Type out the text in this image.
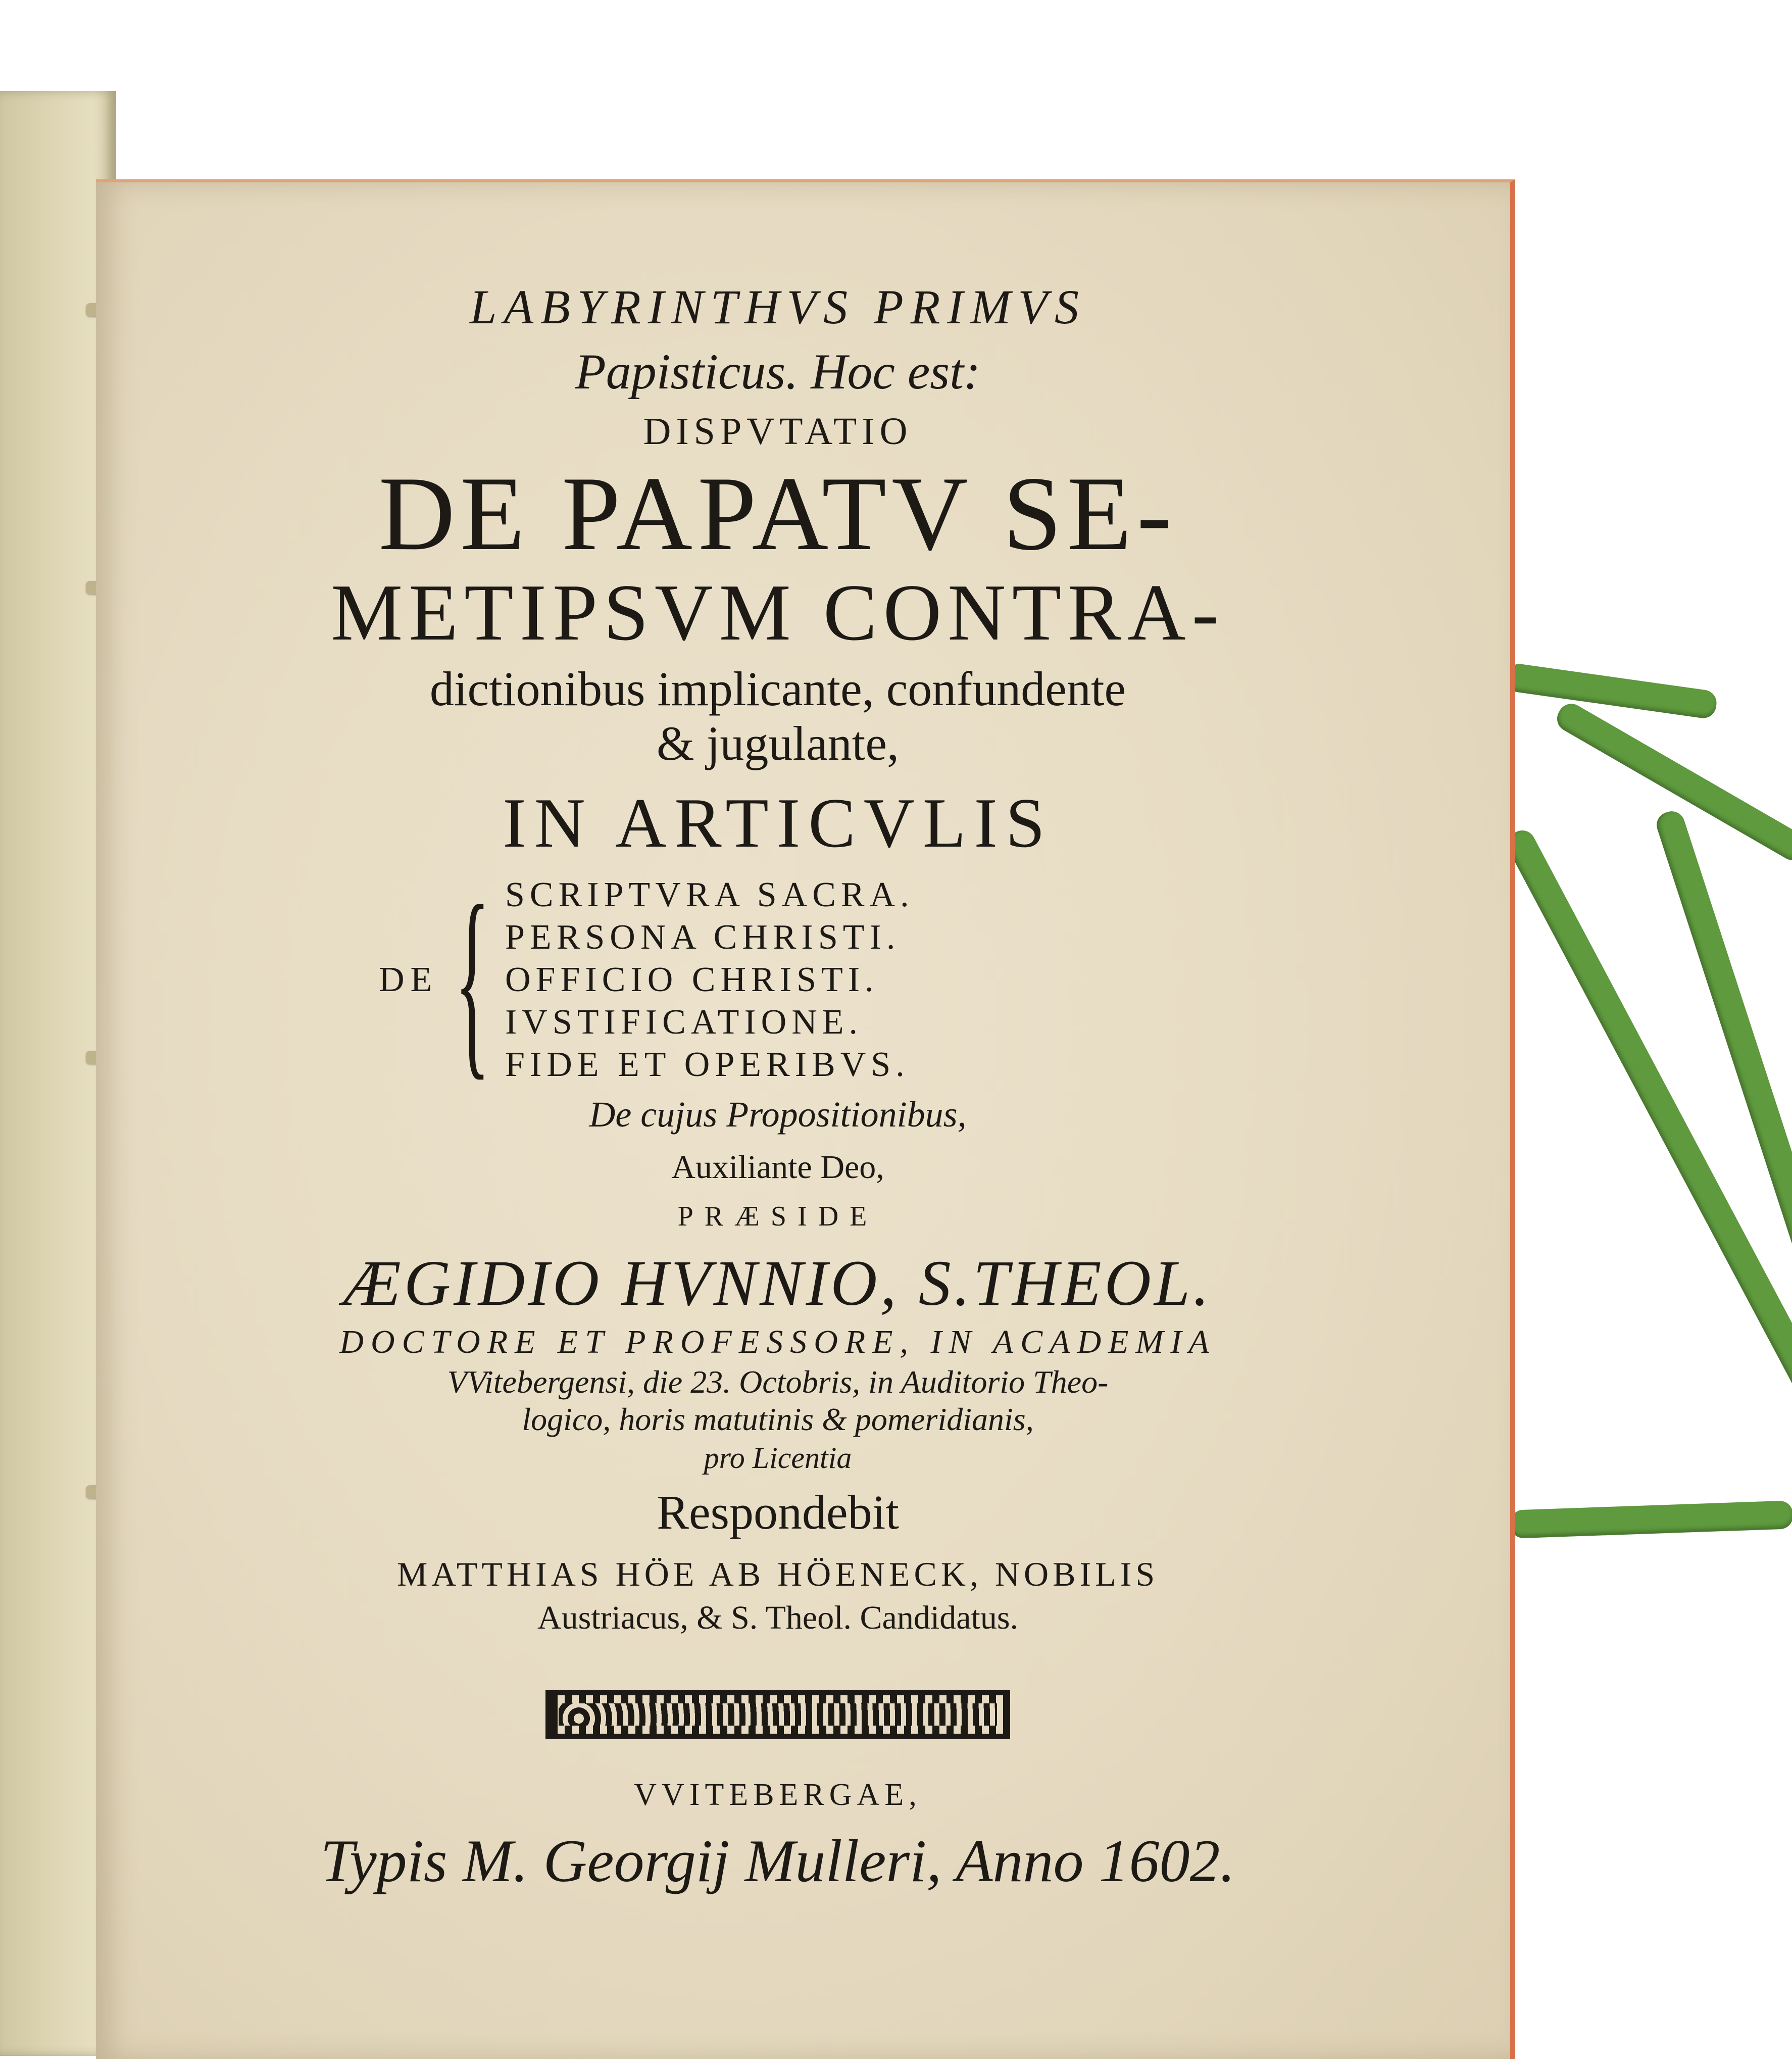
LABYRINTHVS PRIMVS
Papisticus. Hoc est:
DISPVTATIO
DE PAPATV SE-
METIPSVM CONTRA-
dictionibus implicante, confundente
& jugulante,
IN ARTICVLIS
DE { SCRIPTVRA SACRA.
PERSONA CHRISTI.
OFFICIO CHRISTI.
IVSTIFICATIONE.
FIDE ET OPERIBVS.
De cujus Propositionibus,
Auxiliante Deo,
PRÆSIDE
ÆGIDIO HVNNIO, S.THEOL.
DOCTORE ET PROFESSORE, IN ACADEMIA
VVitebergensi, die 23. Octobris, in Auditorio Theo-
logico, horis matutinis & pomeridianis,
pro Licentia
Respondebit
MATTHIAS HÖE AB HÖENECK, NOBILIS
Austriacus, & S. Theol. Candidatus.
VVITEBERGAE,
Typis M. Georgij Mulleri, Anno 1602.
